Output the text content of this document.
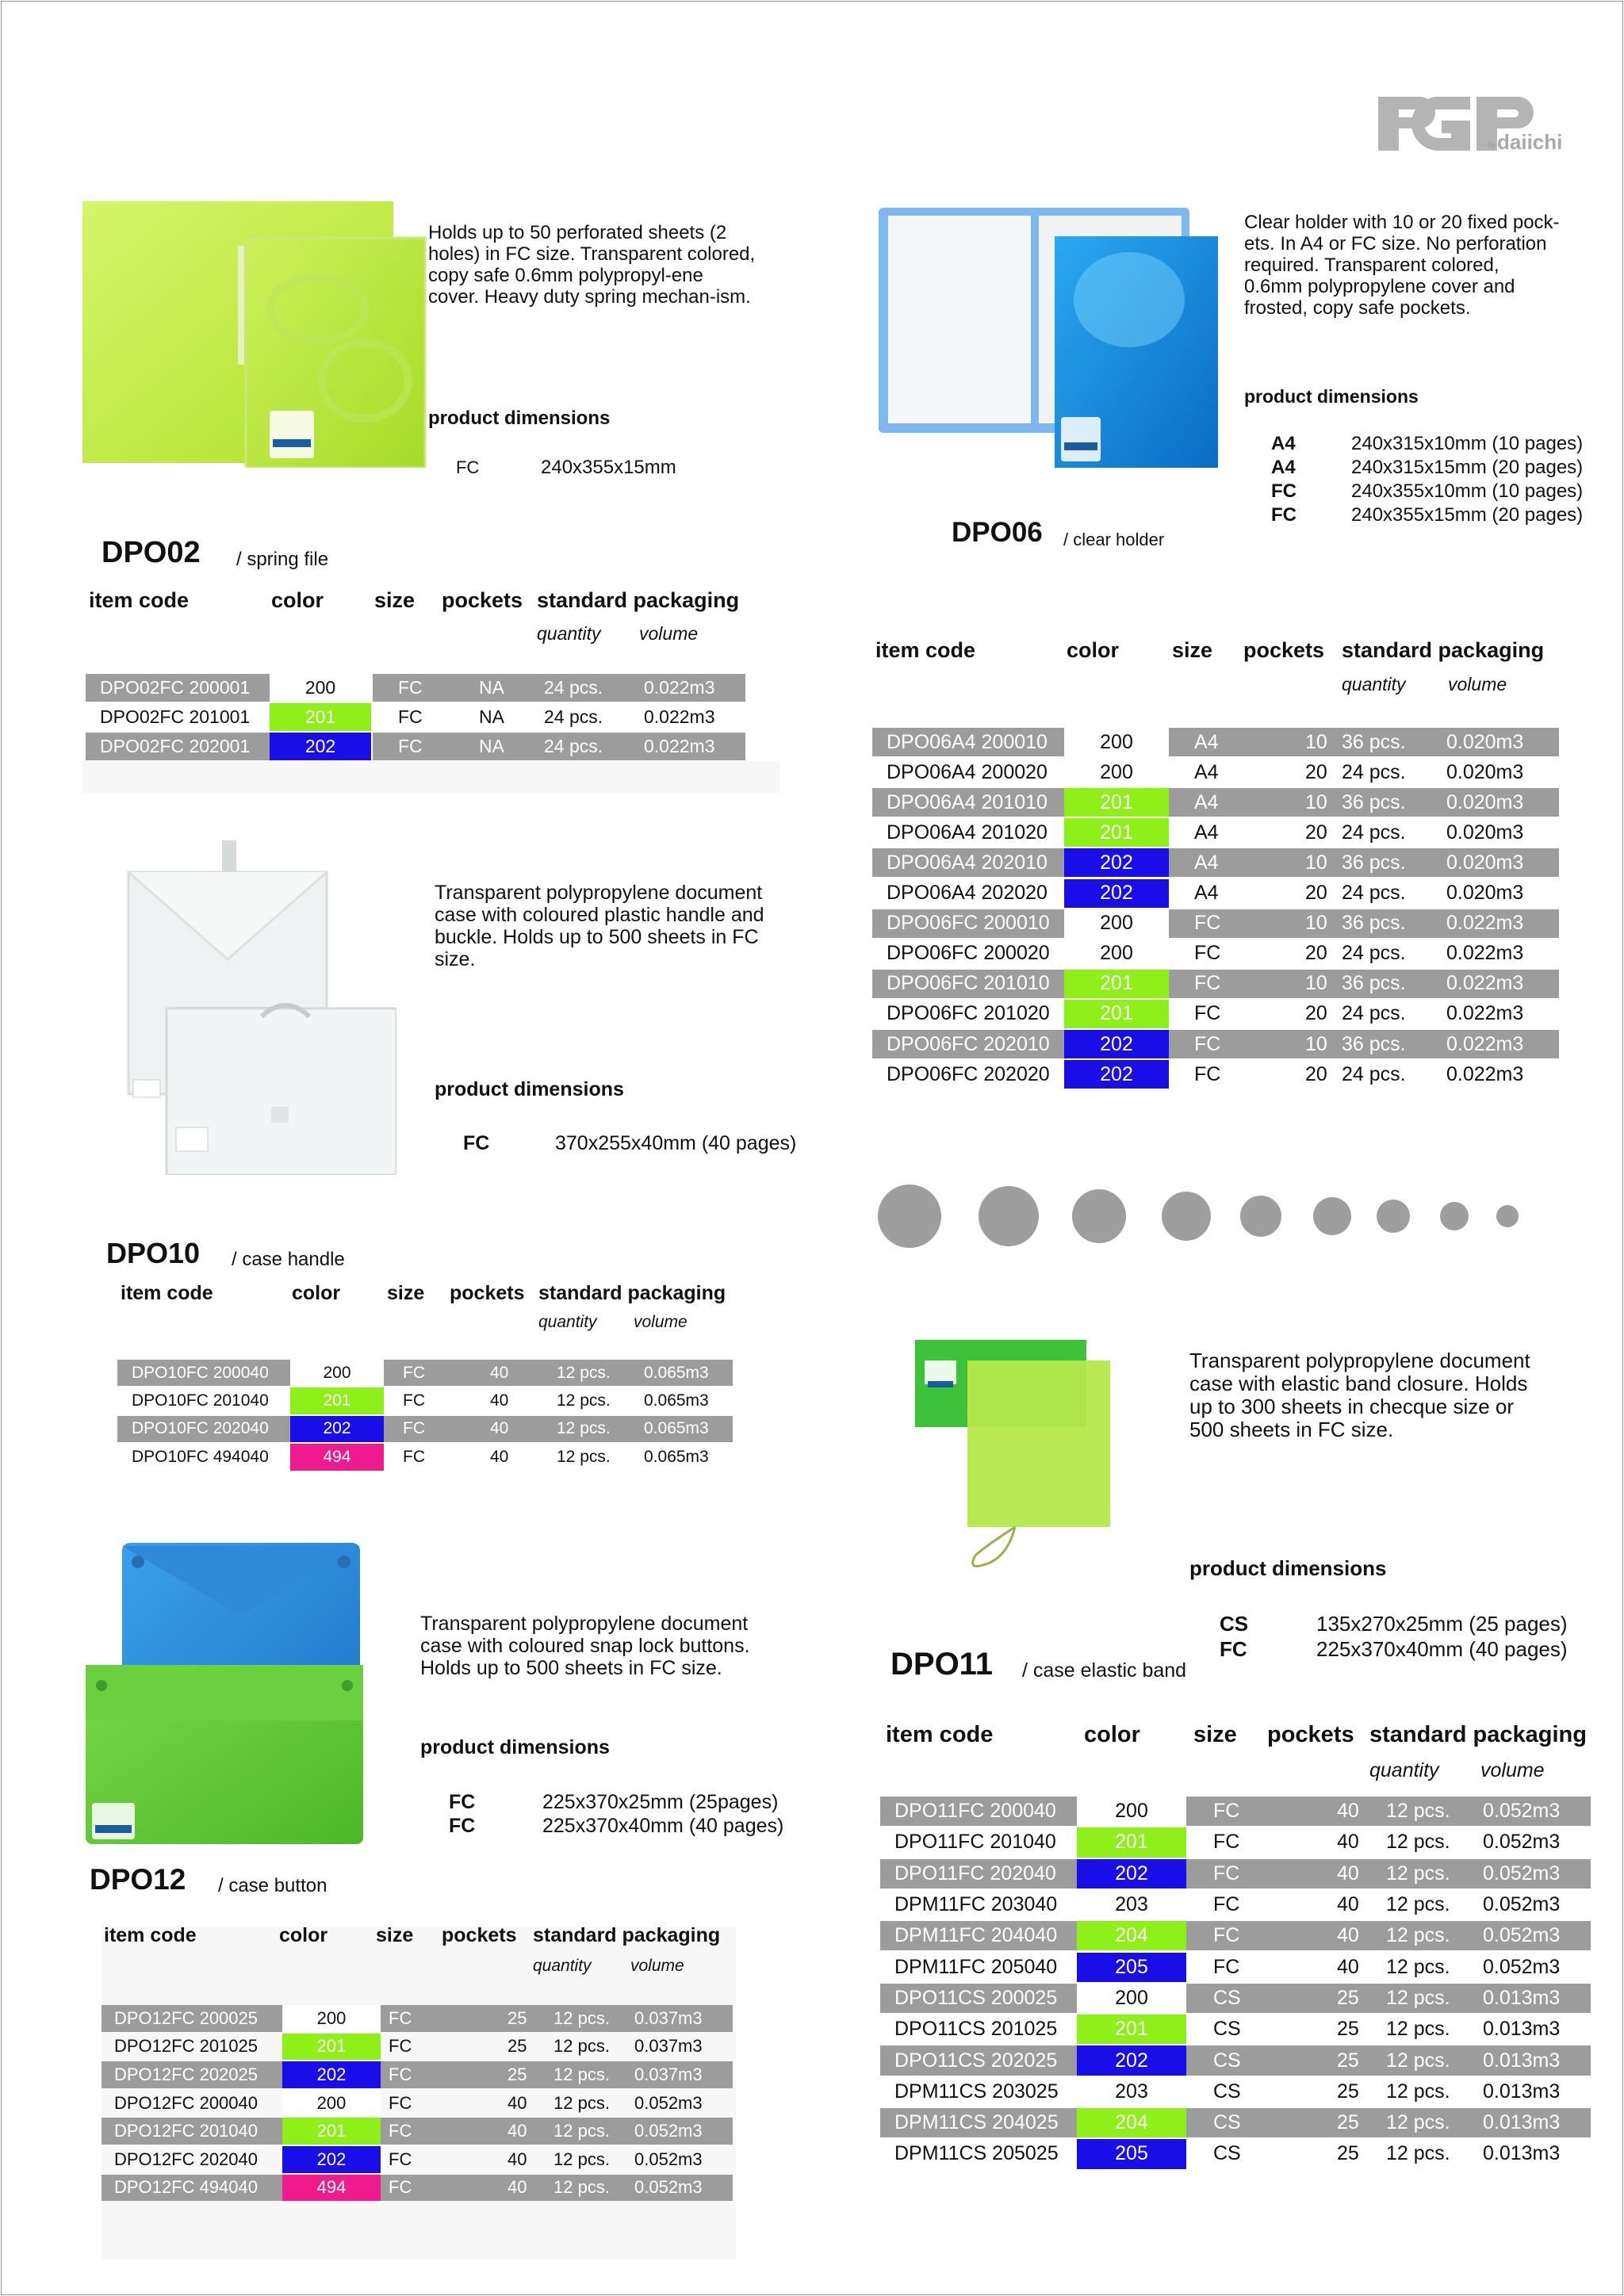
by daiichi
Holds up to 50 perforated sheets (2 holes) in FC size. Transparent colored, copy safe 0.6mm polypropyl-ene cover. Heavy duty spring mechan-ism.
product dimensions
FC	240x355x15mm
DPO02 / spring file
item code	color size pockets standard packaging
quantity volume
DPO02FC 200001	200	FC	NA	24 pcs.	0.022m3
DPO02FC 201001	201	FC	NA	24 pcs.	0.022m3
DPO02FC 202001	202	FC	NA	24 pcs.	0.022m3
Clear holder with 10 or 20 fixed pock-ets. In A4 or FC size. No perforation required. Transparent colored, 0.6mm polypropylene cover and frosted, copy safe pockets.
product dimensions
A4	240x315x10mm (10 pages)
A4	240x315x15mm (20 pages)
FC	240x355x10mm (10 pages)
FC	240x355x15mm (20 pages)
DPO06 / clear holder
item code	color size pockets standard packaging
quantity volume
DPO06A4 200010	200	A4	10 36 pcs.	0.020m3
DPO06A4 200020	200	A4	20 24 pcs.	0.020m3
DPO06A4 201010	201	A4	10 36 pcs.	0.020m3
DPO06A4 201020	201	A4	20 24 pcs.	0.020m3
DPO06A4 202010	202	A4	10 36 pcs.	0.020m3
DPO06A4 202020	202	A4	20 24 pcs.	0.020m3
DPO06FC 200010	200	FC	10 36 pcs.	0.022m3
DPO06FC 200020	200	FC	20 24 pcs.	0.022m3
DPO06FC 201010	201	FC	10 36 pcs.	0.022m3
DPO06FC 201020	201	FC	20 24 pcs.	0.022m3
DPO06FC 202010	202	FC	10 36 pcs.	0.022m3
DPO06FC 202020	202	FC	20 24 pcs.	0.022m3
Transparent polypropylene document case with coloured plastic handle and buckle. Holds up to 500 sheets in FC size.
product dimensions
FC	370x255x40mm (40 pages)
DPO10 / case handle
item code	color size pockets standard packaging
quantity volume
DPO10FC 200040	200	FC	40	12 pcs.	0.065m3
DPO10FC 201040	201	FC	40	12 pcs.	0.065m3
DPO10FC 202040	202	FC	40	12 pcs.	0.065m3
DPO10FC 494040	494	FC	40	12 pcs.	0.065m3
Transparent polypropylene document case with elastic band closure. Holds up to 300 sheets in checque size or 500 sheets in FC size.
product dimensions
CS	135x270x25mm (25 pages)
FC	225x370x40mm (40 pages)
DPO11 / case elastic band
item code	color size pockets standard packaging
quantity volume
DPO11FC 200040	200	FC	40	12 pcs.	0.052m3
DPO11FC 201040	201	FC	40	12 pcs.	0.052m3
DPO11FC 202040	202	FC	40	12 pcs.	0.052m3
DPM11FC 203040	203	FC	40	12 pcs.	0.052m3
DPM11FC 204040	204	FC	40	12 pcs.	0.052m3
DPM11FC 205040	205	FC	40	12 pcs.	0.052m3
DPO11CS 200025	200	CS	25	12 pcs.	0.013m3
DPO11CS 201025	201	CS	25	12 pcs.	0.013m3
DPO11CS 202025	202	CS	25	12 pcs.	0.013m3
DPM11CS 203025	203	CS	25	12 pcs.	0.013m3
DPM11CS 204025	204	CS	25	12 pcs.	0.013m3
DPM11CS 205025	205	CS	25	12 pcs.	0.013m3
Transparent polypropylene document case with coloured snap lock buttons. Holds up to 500 sheets in FC size.
product dimensions
FC	225x370x25mm (25pages)
FC	225x370x40mm (40 pages)
DPO12 / case button
item code	color size pockets standard packaging
quantity volume
DPO12FC 200025	200	FC	25	12 pcs.	0.037m3
DPO12FC 201025	201	FC	25	12 pcs.	0.037m3
DPO12FC 202025	202	FC	25	12 pcs.	0.037m3
DPO12FC 200040	200	FC	40	12 pcs.	0.052m3
DPO12FC 201040	201	FC	40	12 pcs.	0.052m3
DPO12FC 202040	202	FC	40	12 pcs.	0.052m3
DPO12FC 494040	494	FC	40	12 pcs.	0.052m3
